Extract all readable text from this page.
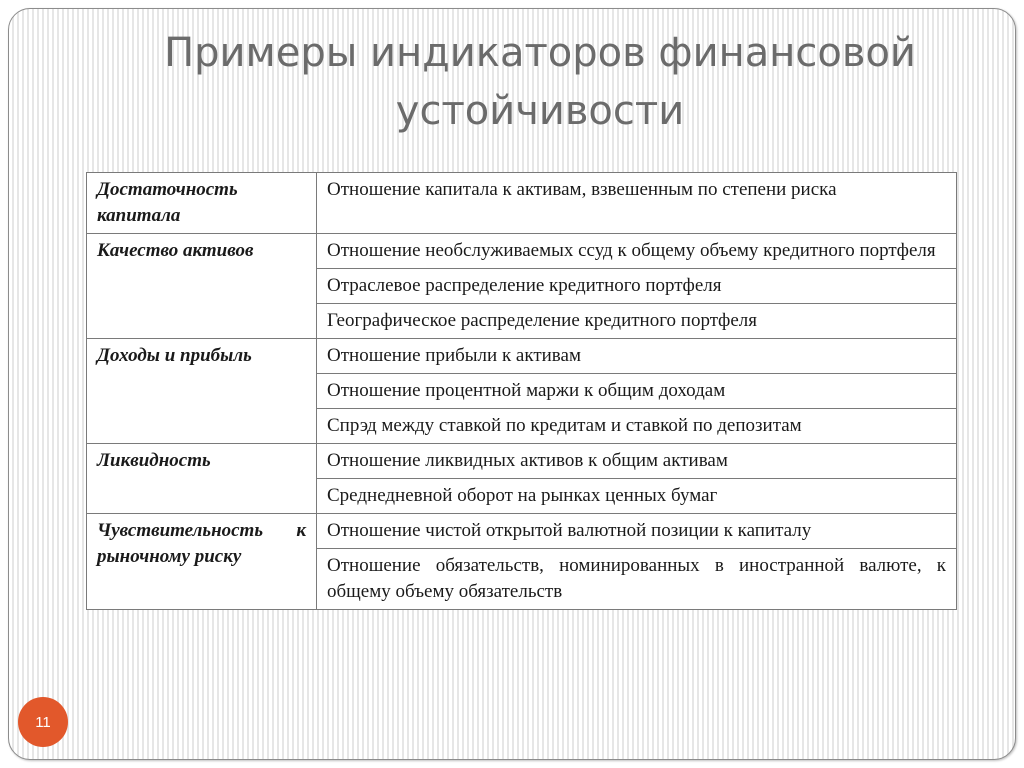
Примеры индикаторов финансовой
устойчивости
Достаточность капитала	Отношение капитала к активам, взвешенным по степени риска
Качество активов	Отношение необслуживаемых ссуд к общему объему кредитного портфеля
	Отраслевое распределение кредитного портфеля
	Географическое распределение кредитного портфеля
Доходы и прибыль	Отношение прибыли к активам
	Отношение процентной маржи к общим доходам
	Спрэд между ставкой по кредитам и ставкой по депозитам
Ликвидность	Отношение ликвидных активов к общим активам
	Среднедневной оборот на рынках ценных бумаг
Чувствительность к рыночному риску	Отношение чистой открытой валютной позиции к капиталу
	Отношение обязательств, номинированных в иностранной валюте, к общему объему обязательств
11
